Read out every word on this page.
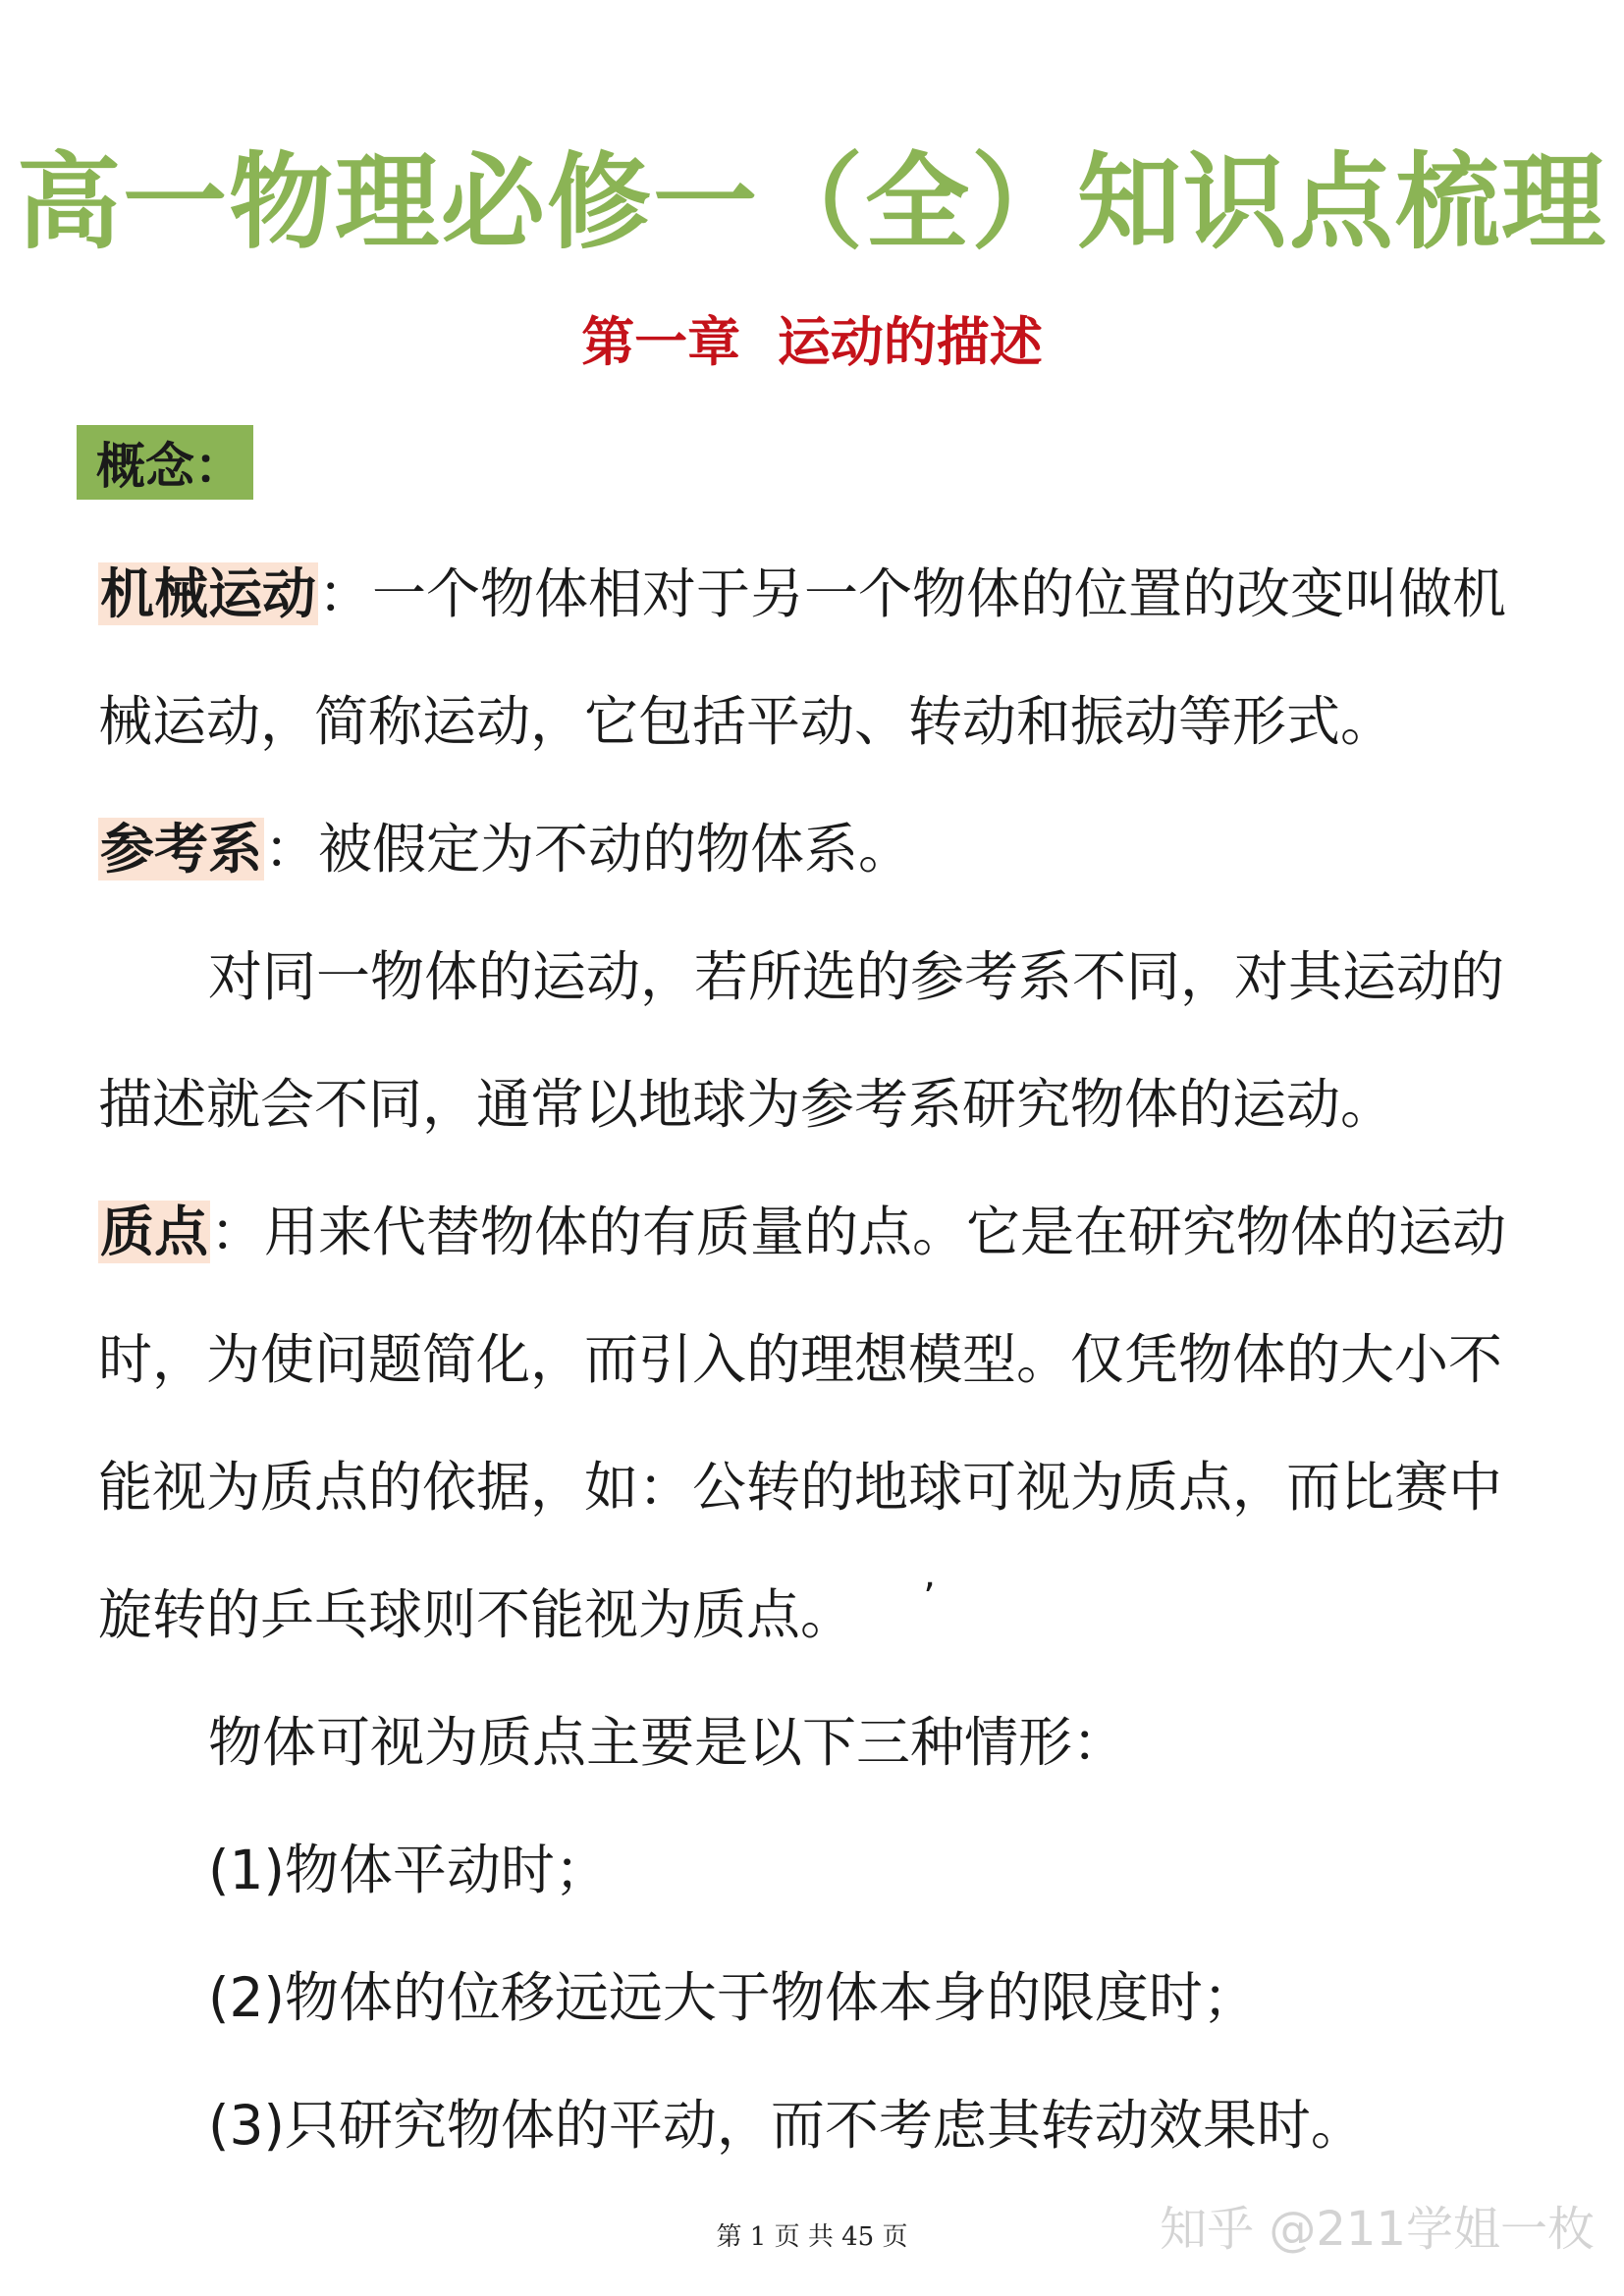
高一物理必修一（全）知识点梳理
第一章  运动的描述
概念：

机械运动：一个物体相对于另一个物体的位置的改变叫做机械运动，简称运动，它包括平动、转动和振动等形式。

参考系：被假定为不动的物体系。

对同一物体的运动，若所选的参考系不同，对其运动的描述就会不同，通常以地球为参考系研究物体的运动。

质点：用来代替物体的有质量的点。它是在研究物体的运动时，为使问题简化，而引入的理想模型。仅凭物体的大小不能视为质点的依据，如：公转的地球可视为质点，而比赛中旋转的乒乓球则不能视为质点。	’

物体可视为质点主要是以下三种情形：

(1)物体平动时；

(2)物体的位移远远大于物体本身的限度时；

(3)只研究物体的平动，而不考虑其转动效果时。

第 1 页 共 45 页	知乎 @211学姐一枚
